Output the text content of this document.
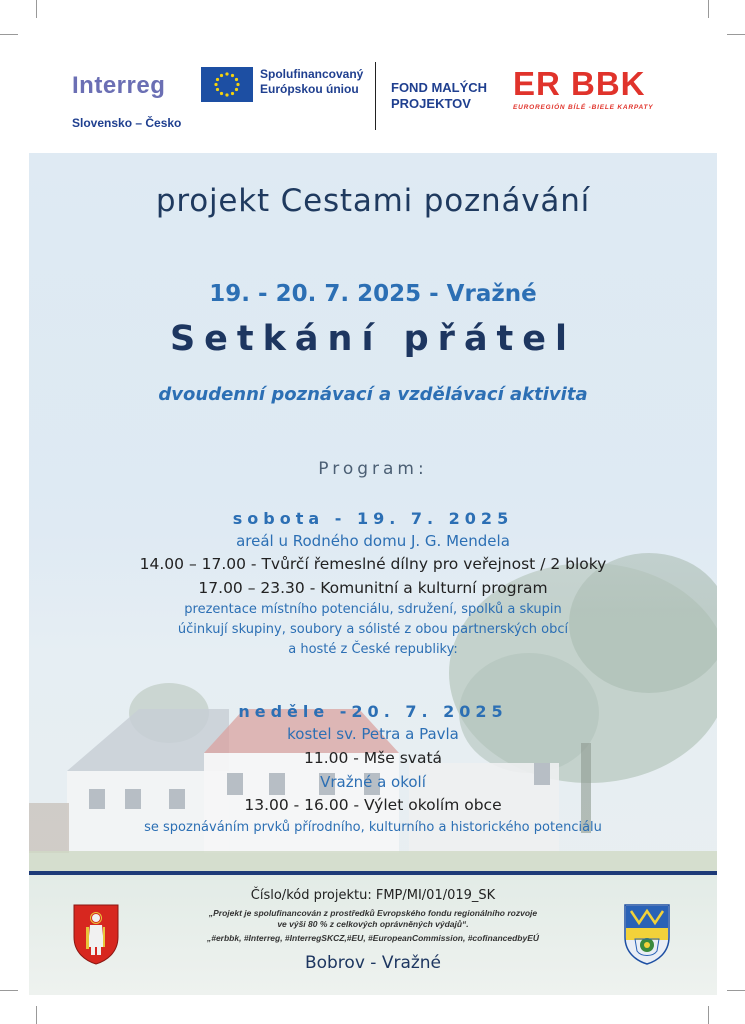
Interreg
Slovensko – Česko
Spolufinancovaný
Európskou úniou	FOND MALÝCH
PROJEKTOV
ER BBK
EUROREGIÓN BÍLÉ -BIELE KARPATY
projekt Cestami poznávání
19. - 20. 7. 2025 - Vražné
Setkání přátel
dvoudenní poznávací a vzdělávací aktivita
Program:
sobota - 19. 7. 2025
areál u Rodného domu J. G. Mendela
14.00 – 17.00 - Tvůrčí řemeslné dílny pro veřejnost / 2 bloky
17.00 – 23.30 - Komunitní a kulturní program
prezentace místního potenciálu, sdružení, spolků a skupin
účinkují skupiny, soubory a sólisté z obou partnerských obcí
a hosté z České republiky:
neděle -20. 7. 2025
kostel sv. Petra a Pavla
11.00 - Mše svatá
Vražné a okolí
13.00 - 16.00 - Výlet okolím obce
se spoznáváním prvků přírodního, kulturního a historického potenciálu
Číslo/kód projektu: FMP/MI/01/019_SK
„Projekt je spolufinancován z prostředků Evropského fondu regionálního rozvoje
ve výši 80 % z celkových oprávněných výdajů“.
„#erbbk, #Interreg, #InterregSKCZ,#EU, #EuropeanCommission, #cofinancedbyEÚ
Bobrov - Vražné
